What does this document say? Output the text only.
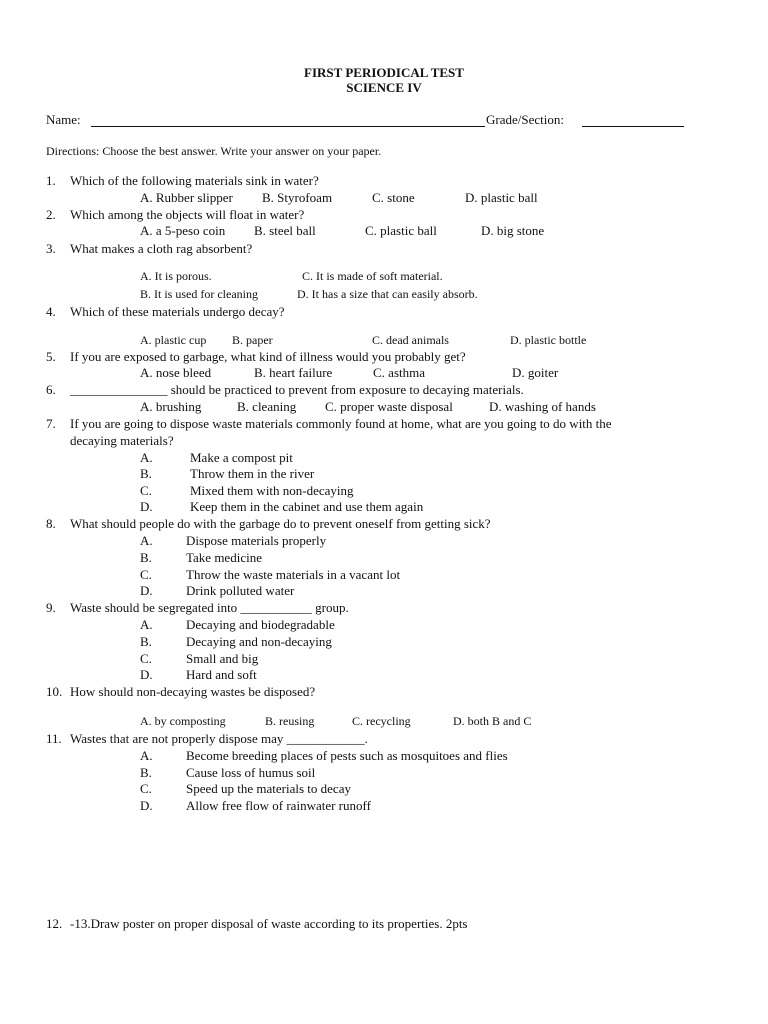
FIRST PERIODICAL TEST
SCIENCE IV
Name:	Grade/Section:
Directions: Choose the best answer. Write your answer on your paper.
1. Which of the following materials sink in water?
A. Rubber slipper B. Styrofoam	C. stone	D. plastic ball
2. Which among the objects will float in water?
A. a 5-peso coin B. steel ball	C. plastic ball	D. big stone
3. What makes a cloth rag absorbent?
A. It is porous.	C. It is made of soft material.
B. It is used for cleaning	D. It has a size that can easily absorb.
4. Which of these materials undergo decay?
A. plastic cup B. paper	C. dead animals	D. plastic bottle
5. If you are exposed to garbage, what kind of illness would you probably get?
A. nose bleed	B. heart failure	C. asthma	D. goiter
6. _______________ should be practiced to prevent from exposure to decaying materials.
A. brushing	B. cleaning C. proper waste disposal	D. washing of hands
7. If you are going to dispose waste materials commonly found at home, what are you going to do with the
decaying materials?
A.	Make a compost pit
B.	Throw them in the river
C.	Mixed them with non-decaying
D.	Keep them in the cabinet and use them again
8. What should people do with the garbage do to prevent oneself from getting sick?
A.	Dispose materials properly
B.	Take medicine
C.	Throw the waste materials in a vacant lot
D.	Drink polluted water
9. Waste should be segregated into ___________ group.
A.	Decaying and biodegradable
B.	Decaying and non-decaying
C.	Small and big
D.	Hard and soft
10. How should non-decaying wastes be disposed?
A. by composting	B. reusing	C. recycling	D. both B and C
11. Wastes that are not properly dispose may ____________.
A.	Become breeding places of pests such as mosquitoes and flies
B.	Cause loss of humus soil
C.	Speed up the materials to decay
D.	Allow free flow of rainwater runoff
12. -13.Draw poster on proper disposal of waste according to its properties. 2pts
